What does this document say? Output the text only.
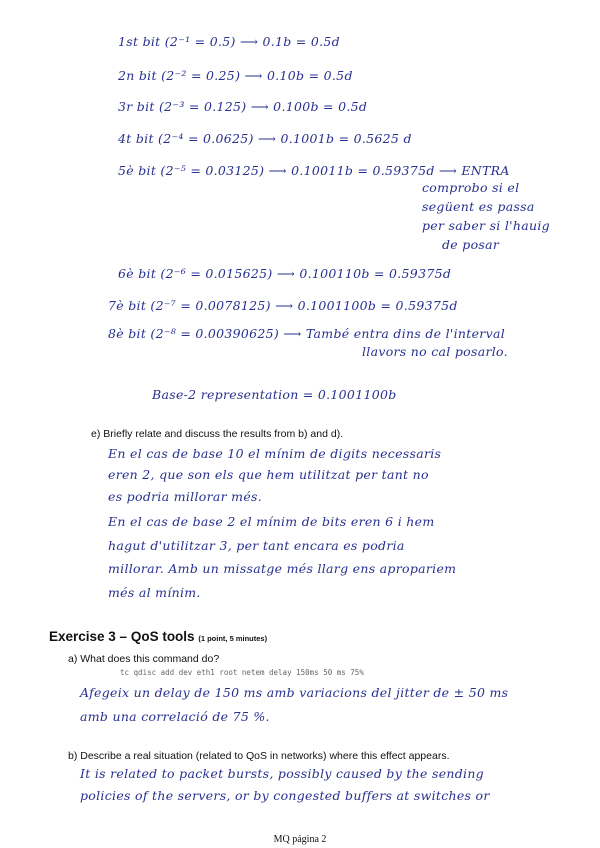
1st bit (2⁻¹ = 0.5) ⟶ 0.1b = 0.5d
2n bit (2⁻² = 0.25) ⟶ 0.10b = 0.5d
3r bit (2⁻³ = 0.125) ⟶ 0.100b = 0.5d
4t bit (2⁻⁴ = 0.0625) ⟶ 0.1001b = 0.5625 d
5è bit (2⁻⁵ = 0.03125) ⟶ 0.10011b = 0.59375d ⟶ ENTRA
comprobo si el
següent es passa
per saber si l'hauig
de posar
6è bit (2⁻⁶ = 0.015625) ⟶ 0.100110b = 0.59375d
7è bit (2⁻⁷ = 0.0078125) ⟶ 0.1001100b = 0.59375d
8è bit (2⁻⁸ = 0.00390625) ⟶ També entra dins de l'interval
llavors no cal posarlo.
Base-2 representation = 0.1001100b
e) Briefly relate and discuss the results from b) and d).
En el cas de base 10 el mínim de digits necessaris
eren 2, que son els que hem utilitzat per tant no
es podria millorar més.
En el cas de base 2 el mínim de bits eren 6 i hem
hagut d'utilitzar 3, per tant encara es podria
millorar. Amb un missatge més llarg ens apropariem
més al mínim.
Exercise 3 – QoS tools (1 point, 5 minutes)
a) What does this command do?
tc qdisc add dev eth1 root netem delay 150ms 50 ms 75%
Afegeix un delay de 150 ms amb variacions del jitter de ± 50 ms
amb una correlació de 75 %.
b) Describe a real situation (related to QoS in networks) where this effect appears.
It is related to packet bursts, possibly caused by the sending
policies of the servers, or by congested buffers at switches or
MQ página 2
